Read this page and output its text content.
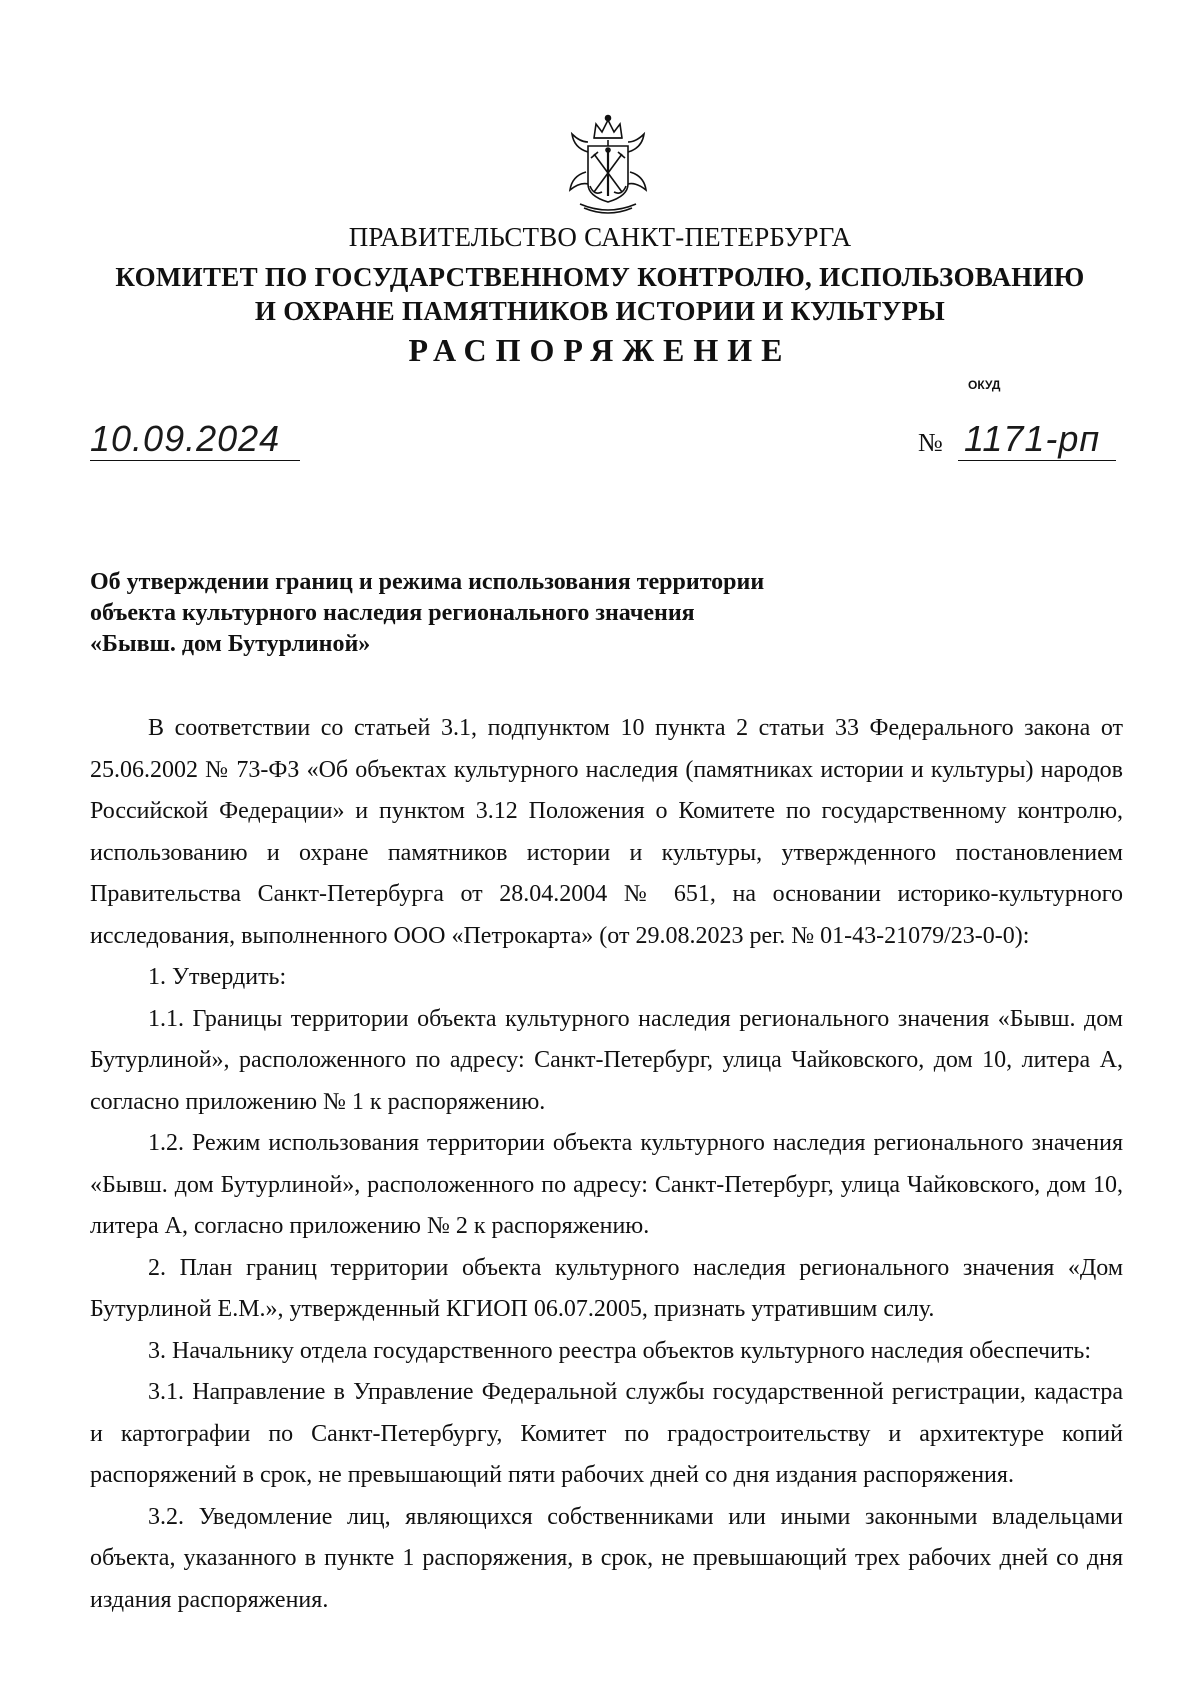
ПРАВИТЕЛЬСТВО САНКТ-ПЕТЕРБУРГА
КОМИТЕТ ПО ГОСУДАРСТВЕННОМУ КОНТРОЛЮ, ИСПОЛЬЗОВАНИЮ
И ОХРАНЕ ПАМЯТНИКОВ ИСТОРИИ И КУЛЬТУРЫ
РАСПОРЯЖЕНИЕ
ОКУД
10.09.2024	№ 1171-рп
Об утверждении границ и режима использования территории
объекта культурного наследия регионального значения
«Бывш. дом Бутурлиной»

В соответствии со статьей 3.1, подпунктом 10 пункта 2 статьи 33 Федерального закона от 25.06.2002 № 73-ФЗ «Об объектах культурного наследия (памятниках истории и культуры) народов Российской Федерации» и пунктом 3.12 Положения о Комитете по государственному контролю, использованию и охране памятников истории и культуры, утвержденного постановлением Правительства Санкт-Петербурга от 28.04.2004 № 651, на основании историко-культурного исследования, выполненного ООО «Петрокарта» (от 29.08.2023 рег. № 01-43-21079/23-0-0):

1. Утвердить:

1.1. Границы территории объекта культурного наследия регионального значения «Бывш. дом Бутурлиной», расположенного по адресу: Санкт-Петербург, улица Чайковского, дом 10, литера А, согласно приложению № 1 к распоряжению.

1.2. Режим использования территории объекта культурного наследия регионального значения «Бывш. дом Бутурлиной», расположенного по адресу: Санкт-Петербург, улица Чайковского, дом 10, литера А, согласно приложению № 2 к распоряжению.

2. План границ территории объекта культурного наследия регионального значения «Дом Бутурлиной Е.М.», утвержденный КГИОП 06.07.2005, признать утратившим силу.

3. Начальнику отдела государственного реестра объектов культурного наследия обеспечить:

3.1. Направление в Управление Федеральной службы государственной регистрации, кадастра и картографии по Санкт-Петербургу, Комитет по градостроительству и архитектуре копий распоряжений в срок, не превышающий пяти рабочих дней со дня издания распоряжения.

3.2. Уведомление лиц, являющихся собственниками или иными законными владельцами объекта, указанного в пункте 1 распоряжения, в срок, не превышающий трех рабочих дней со дня издания распоряжения.
